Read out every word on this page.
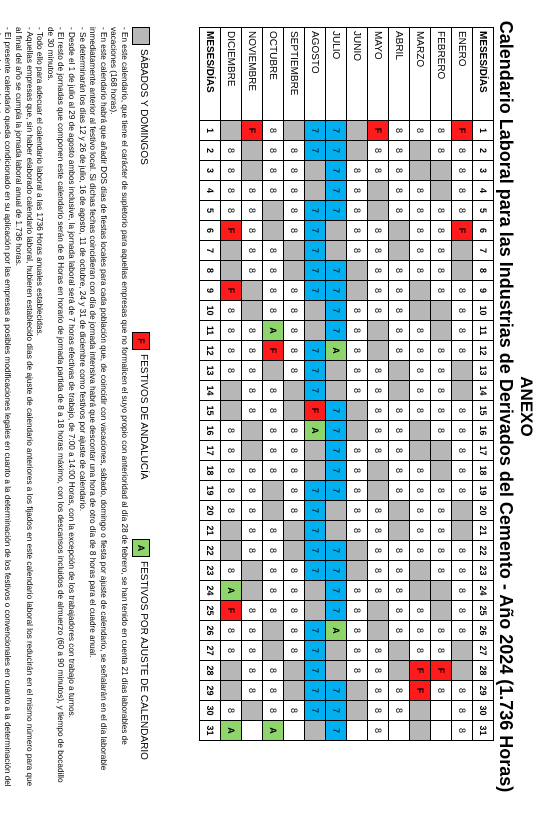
ANEXO
Calendario Laboral para las Industrias de Derivados del Cemento - Año 2024 (1.736 Horas)
MESES/DÍAS	1	2	3	4	5	6	7	8	9	10	11	12	13	14	15	16	17	18	19	20	21	22	23	24	25	26	27	28	29	30	31
ENERO	F	8	8	8	8	F			8	8	8	8			8	8	8	8	8			8	8	8	8	8			8	8	8
FEBRERO	8	8			8	8	8	8	8			8	8	8	8	8			8	8	8	8	8			8	8	F	8		
MARZO	8			8	8	8	8	8			8	8	8	8	8			8	8	8	8	8			8	8	8	F	F		
ABRIL	8	8	8	8	8			8	8	8	8	8			8	8	8	8	8			8	8	8	8	8			8	8	
MAYO	F	8	8			8	8	8	8	8			8	8	8	8	8			8	8	8	8	8			8	8	8	8	8
JUNIO			8	8	8	8	8			8	8	8	8	8			8	8	8	8	8			8	8	8	8	8			
JULIO	7	7	7	7	7			7	7	7	7	A			7	7	7	7	7			7	7	7	7	A			7	7	7
AGOSTO	7	7			7	7	7	7	7			7	7	7	F	A			7	7	7	7	7			7	7	7	7	7	
SEPTIEMBRE		8	8	8	8	8			8	8	8	8	8			8	8	8	8	8			8	8	8	8	8			8	
OCTUBRE	8	8	8	8			8	8	8	8	A	F		8	8	8	8	8			8	8	8	8	8			8	8	8	A
NOVIEMBRE	F			8	8	8	8	8			8	8	8	8	8			8	8	8	8	8			8	8	8	8	8		
DICIEMBRE		8	8	8	8	F			F	8	8	8	8			8	8	8	8	8			8	A	F	8	8			8	A
MESES/DÍAS	1	2	3	4	5	6	7	8	9	10	11	12	13	14	15	16	17	18	19	20	21	22	23	24	25	26	27	28	29	30	31
SÁBADOS Y DOMINGOS
F
FESTIVOS DE ANDALUCÍA
A
FESTIVOS POR AJUSTE DE CALENDARIO

- En este calendario, que tiene el carácter de supletorio para aquellas empresas que no formalicen el suyo propio con anterioridad al día 28 de febrero, se han tenido en cuenta 21 días laborables de vacaciones (168 horas).

- En este calendario habrá que añadir DOS días de fiestas locales para cada población que, de coincidir con vacaciones, sábado, domingo o fiesta por ajuste de calendario, se señalarán en el día laborable inmediatamente anterior al festivo local. Si dichas fechas coincidieran con día de jornada intensiva habrá que descontar una hora de otro día de 8 horas para el cuadre anual.

- Se determinarán los días 12 y 26 de julio, 16 de agosto, 11 de octubre, 24 y 31 de diciembre como festivos por ajuste de calendario.

- Desde el 1 de julio al 29 de agosto ambos inclusive, la jornada laboral será de 7 horas efectivas de trabajo, de 7:00 a 14:00 Horas, con la excepción de los trabajadores con trabajo a turnos.

- El resto de jornadas que componen este calendario serán de 8 Horas en horario de jornada partida de 8 a 18 horas máximo, con los descansos incluidos de almuerzo (60 a 90 minutos), y tiempo de bocadillo de 30 minutos.

- Todo ello para adecuar el calendario laboral a las 1736 Horas anuales establecidas.

- Aquellas empresas que, sin haber elaborado calendario laboral, hubieren establecido días de ajuste de calendario anteriores a los fijados en este calendario laboral los reducirán en el mismo número para que al final del año se cumpla la jornada laboral anual de 1.736 horas.

- El presente calendario queda condicionado en su aplicación por las empresas a posibles modificaciones legales en cuanto a la determinación de los festivos o convencionales en cuanto a la determinación del
